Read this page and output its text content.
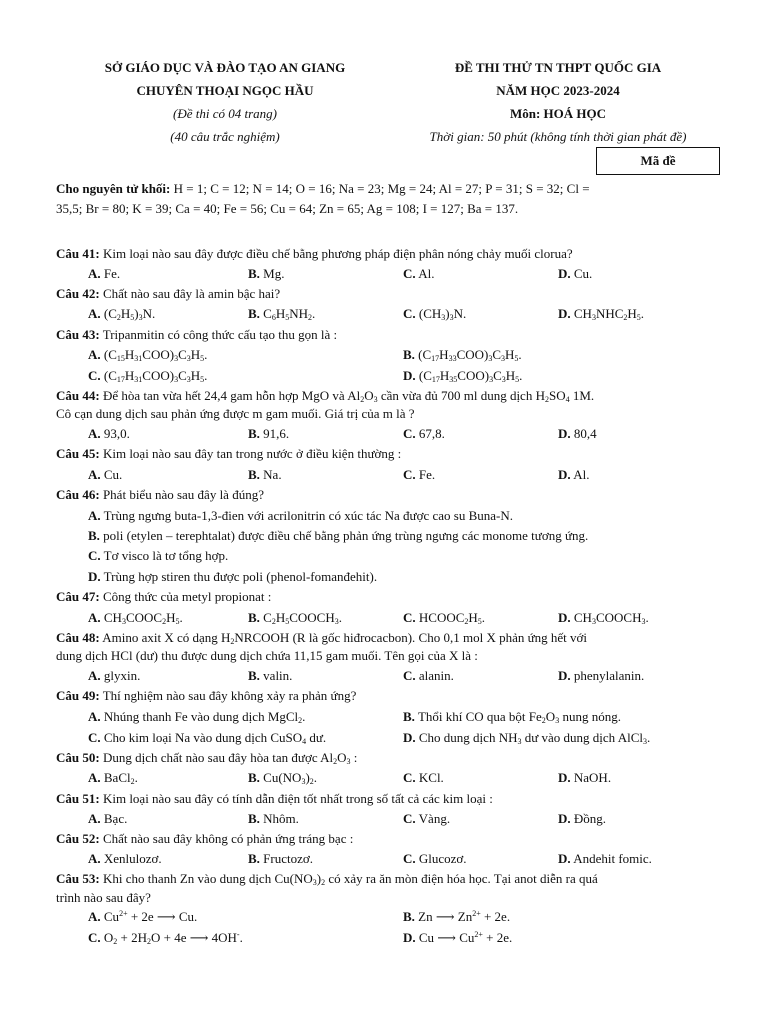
SỞ GIÁO DỤC VÀ ĐÀO TẠO AN GIANG
CHUYÊN THOẠI NGỌC HẦU
(Đề thi có 04 trang)
(40 câu trắc nghiệm)
ĐỀ THI THỬ TN THPT QUỐC GIA
NĂM HỌC 2023-2024
Môn: HOÁ HỌC
Thời gian: 50 phút (không tính thời gian phát đề)
Mã đề
Cho nguyên tử khối: H = 1; C = 12; N = 14; O = 16; Na = 23; Mg = 24; Al = 27; P = 31; S = 32; Cl =
35,5; Br = 80; K = 39; Ca = 40; Fe = 56; Cu = 64; Zn = 65; Ag = 108; I = 127; Ba = 137.
Câu 41: Kim loại nào sau đây được điều chế bằng phương pháp điện phân nóng chảy muối clorua?
A. Fe.	B. Mg.	C. Al.	D. Cu.
Câu 42: Chất nào sau đây là amin bậc hai?
A. $(C_2H_5)_3N$.	B. $C_6H_5NH_2$.	C. $(CH_3)_3N$.	D. $CH_3NHC_2H_5$.
Câu 43: Tripanmitin có công thức cấu tạo thu gọn là :
A. $(C_{15}H_{31}COO)_3C_3H_5$.	B. $(C_{17}H_{33}COO)_3C_3H_5$.
C. $(C_{17}H_{31}COO)_3C_3H_5$.	D. $(C_{17}H_{35}COO)_3C_3H_5$.
Câu 44: Để hòa tan vừa hết 24,4 gam hỗn hợp MgO và $Al_2O_3$ cần vừa đủ 700 ml dung dịch $H_2SO_4$ 1M.
Cô cạn dung dịch sau phản ứng được m gam muối. Giá trị của m là ?
A. 93,0.	B. 91,6.	C. 67,8.	D. 80,4
Câu 45: Kim loại nào sau đây tan trong nước ở điều kiện thường :
A. Cu.	B. Na.	C. Fe.	D. Al.
Câu 46: Phát biểu nào sau đây là đúng?
A. Trùng ngưng buta-1,3-đien với acrilonitrin có xúc tác Na được cao su Buna-N.
B. poli (etylen – terephtalat) được điều chế bằng phản ứng trùng ngưng các monome tương ứng.
C. Tơ visco là tơ tổng hợp.
D. Trùng hợp stiren thu được poli (phenol-fomanđehit).
Câu 47: Công thức của metyl propionat :
A. $CH_3COOC_2H_5$.	B. $C_2H_5COOCH_3$.	C. $HCOOC_2H_5$.	D. $CH_3COOCH_3$.
Câu 48: Amino axit X có dạng $H_2NRCOOH$ (R là gốc hiđrocacbon). Cho 0,1 mol X phản ứng hết với
dung dịch HCl (dư) thu được dung dịch chứa 11,15 gam muối. Tên gọi của X là :
A. glyxin.	B. valin.	C. alanin.	D. phenylalanin.
Câu 49: Thí nghiệm nào sau đây không xảy ra phản ứng?
A. Nhúng thanh Fe vào dung dịch MgCl$_2$.	B. Thổi khí CO qua bột $Fe_2O_3$ nung nóng.
C. Cho kim loại Na vào dung dịch CuSO$_4$ dư.	D. Cho dung dịch $NH_3$ dư vào dung dịch AlCl$_3$.
Câu 50: Dung dịch chất nào sau đây hòa tan được $Al_2O_3$ :
A. BaCl$_2$.	B. $Cu(NO_3)_2$.	C. KCl.	D. NaOH.
Câu 51: Kim loại nào sau đây có tính dẫn điện tốt nhất trong số tất cả các kim loại :
A. Bạc.	B. Nhôm.	C. Vàng.	D. Đồng.
Câu 52: Chất nào sau đây không có phản ứng tráng bạc :
A. Xenlulozơ.	B. Fructozơ.	C. Glucozơ.	D. Andehit fomic.
Câu 53: Khi cho thanh Zn vào dung dịch $Cu(NO_3)_2$ có xảy ra ăn mòn điện hóa học. Tại anot diễn ra quá
trình nào sau đây?
A. $Cu^{2+} + 2e$ ⟶ Cu.	B. Zn ⟶ $Zn^{2+} + 2e$.
C. $O_2 + 2H_2O + 4e$ ⟶ 4OH-.	D. Cu ⟶ $Cu^{2+} + 2e$.
